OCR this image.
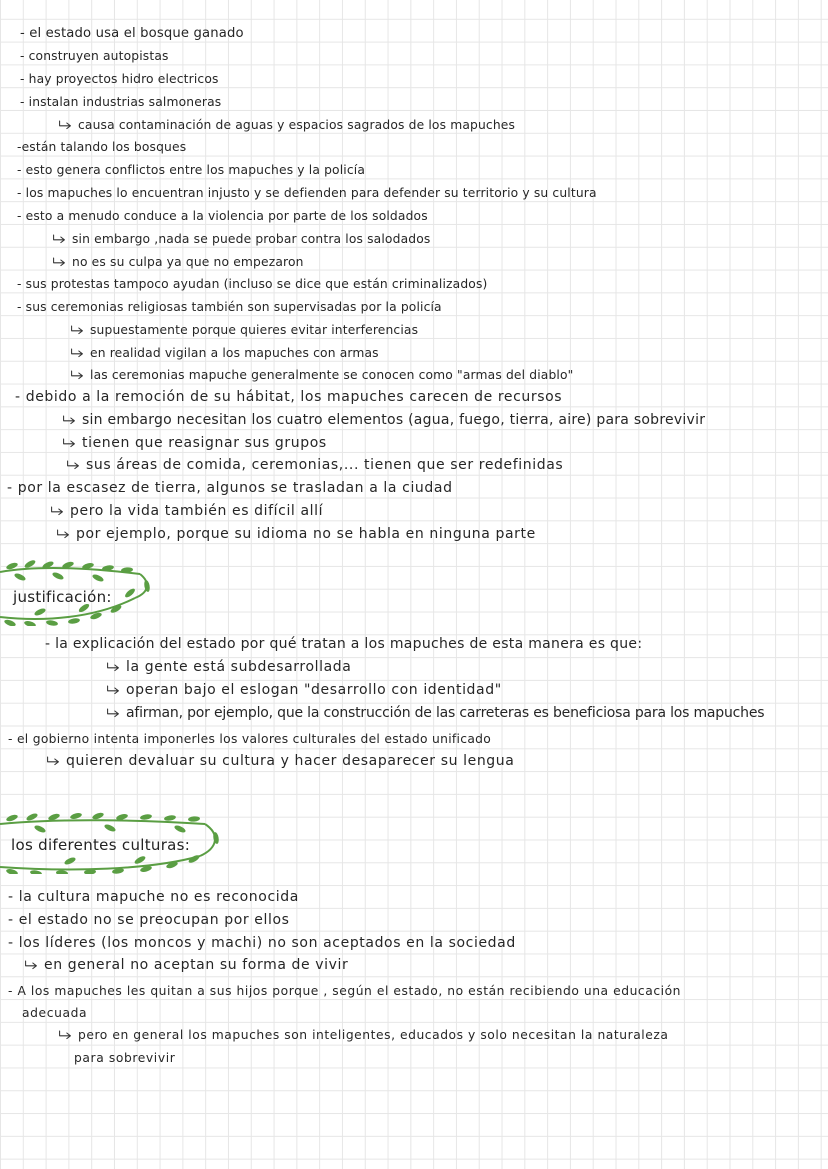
- el estado usa el bosque ganado
- construyen autopistas
- hay proyectos hidro electricos
- instalan industrias salmoneras
causa contaminación de aguas y espacios sagrados de los mapuches
-están talando los bosques
- esto genera conflictos entre los mapuches y la policía
- los mapuches lo encuentran injusto y se defienden para defender su territorio y su cultura
- esto a menudo conduce a la violencia por parte de los soldados
sin embargo ,nada se puede probar contra los salodados
no es su culpa ya que no empezaron
- sus protestas tampoco ayudan (incluso se dice que están criminalizados)
- sus ceremonias religiosas también son supervisadas por la policía
supuestamente porque quieres evitar interferencias
en realidad vigilan a los mapuches con armas
las ceremonias mapuche generalmente se conocen como "armas del diablo"
- debido a la remoción de su hábitat, los mapuches carecen de recursos
sin embargo necesitan los cuatro elementos (agua, fuego, tierra, aire) para sobrevivir
tienen que reasignar sus grupos
sus áreas de comida, ceremonias,... tienen que ser redefinidas
- por la escasez de tierra, algunos se trasladan a la ciudad
pero la vida también es difícil allí
por ejemplo, porque su idioma no se habla en ninguna parte
justificación:
- la explicación del estado por qué tratan a los mapuches de esta manera es que:
la gente está subdesarrollada
operan bajo el eslogan "desarrollo con identidad"
afirman, por ejemplo, que la construcción de las carreteras es beneficiosa para los mapuches
- el gobierno intenta imponerles los valores culturales del estado unificado
quieren devaluar su cultura y hacer desaparecer su lengua
los diferentes culturas:
- la cultura mapuche no es reconocida
- el estado no se preocupan por ellos
- los líderes (los moncos y machi) no son aceptados en la sociedad
en general no aceptan su forma de vivir
- A los mapuches les quitan a sus hijos porque , según el estado, no están recibiendo una educación
adecuada
pero en general los mapuches son inteligentes, educados y solo necesitan la naturaleza
para sobrevivir
